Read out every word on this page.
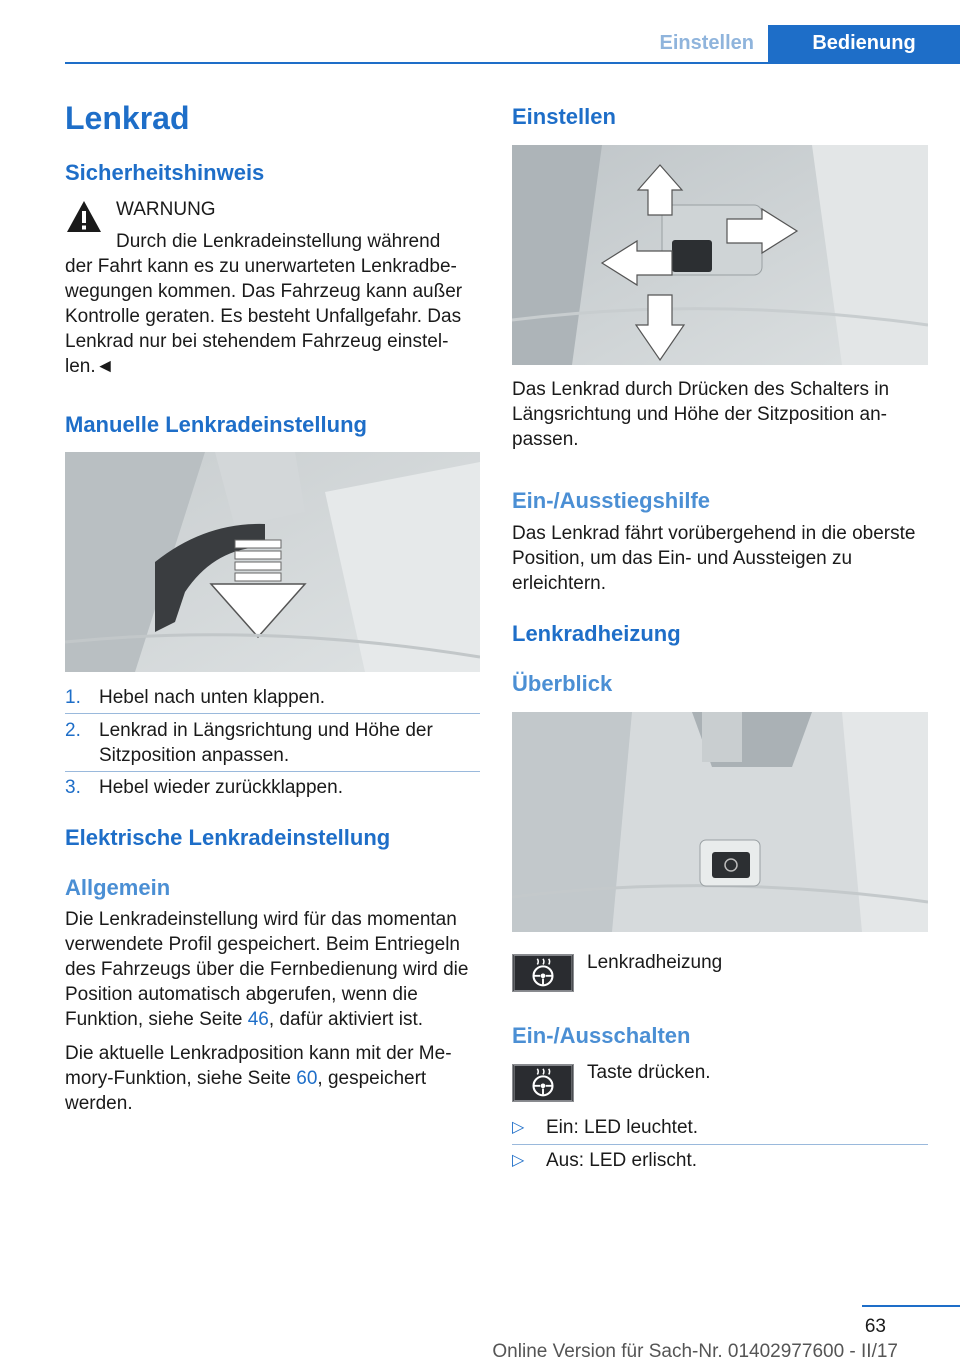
Einstellen	Bedienung
Lenkrad
Sicherheitshinweis

WARNUNG

Durch die Lenkradeinstellung während

der Fahrt kann es zu unerwarteten Lenkradbewegungen kommen. Das Fahrzeug kann außer Kontrolle geraten. Es besteht Unfallgefahr. Das Lenkrad nur bei stehendem Fahrzeug einstellen.◄

Manuelle Lenkradeinstellung
1. Hebel nach unten klappen.
2. Lenkrad in Längsrichtung und Höhe der Sitzposition anpassen.
3. Hebel wieder zurückklappen.
Elektrische Lenkradeinstellung
Allgemein

Die Lenkradeinstellung wird für das momentan verwendete Profil gespeichert. Beim Entriegeln des Fahrzeugs über die Fernbedienung wird die Position automatisch abgerufen, wenn die Funktion, siehe Seite 46, dafür aktiviert ist.

Die aktuelle Lenkradposition kann mit der Memory-Funktion, siehe Seite 60, gespeichert werden.

Einstellen

Das Lenkrad durch Drücken des Schalters in Längsrichtung und Höhe der Sitzposition anpassen.

Ein-/Ausstiegshilfe

Das Lenkrad fährt vorübergehend in die oberste Position, um das Ein- und Aussteigen zu erleichtern.

Lenkradheizung
Überblick

Lenkradheizung

Ein-/Ausschalten

Taste drücken.

▷ Ein: LED leuchtet.
▷ Aus: LED erlischt.
63
Online Version für Sach-Nr. 01402977600 - II/17
